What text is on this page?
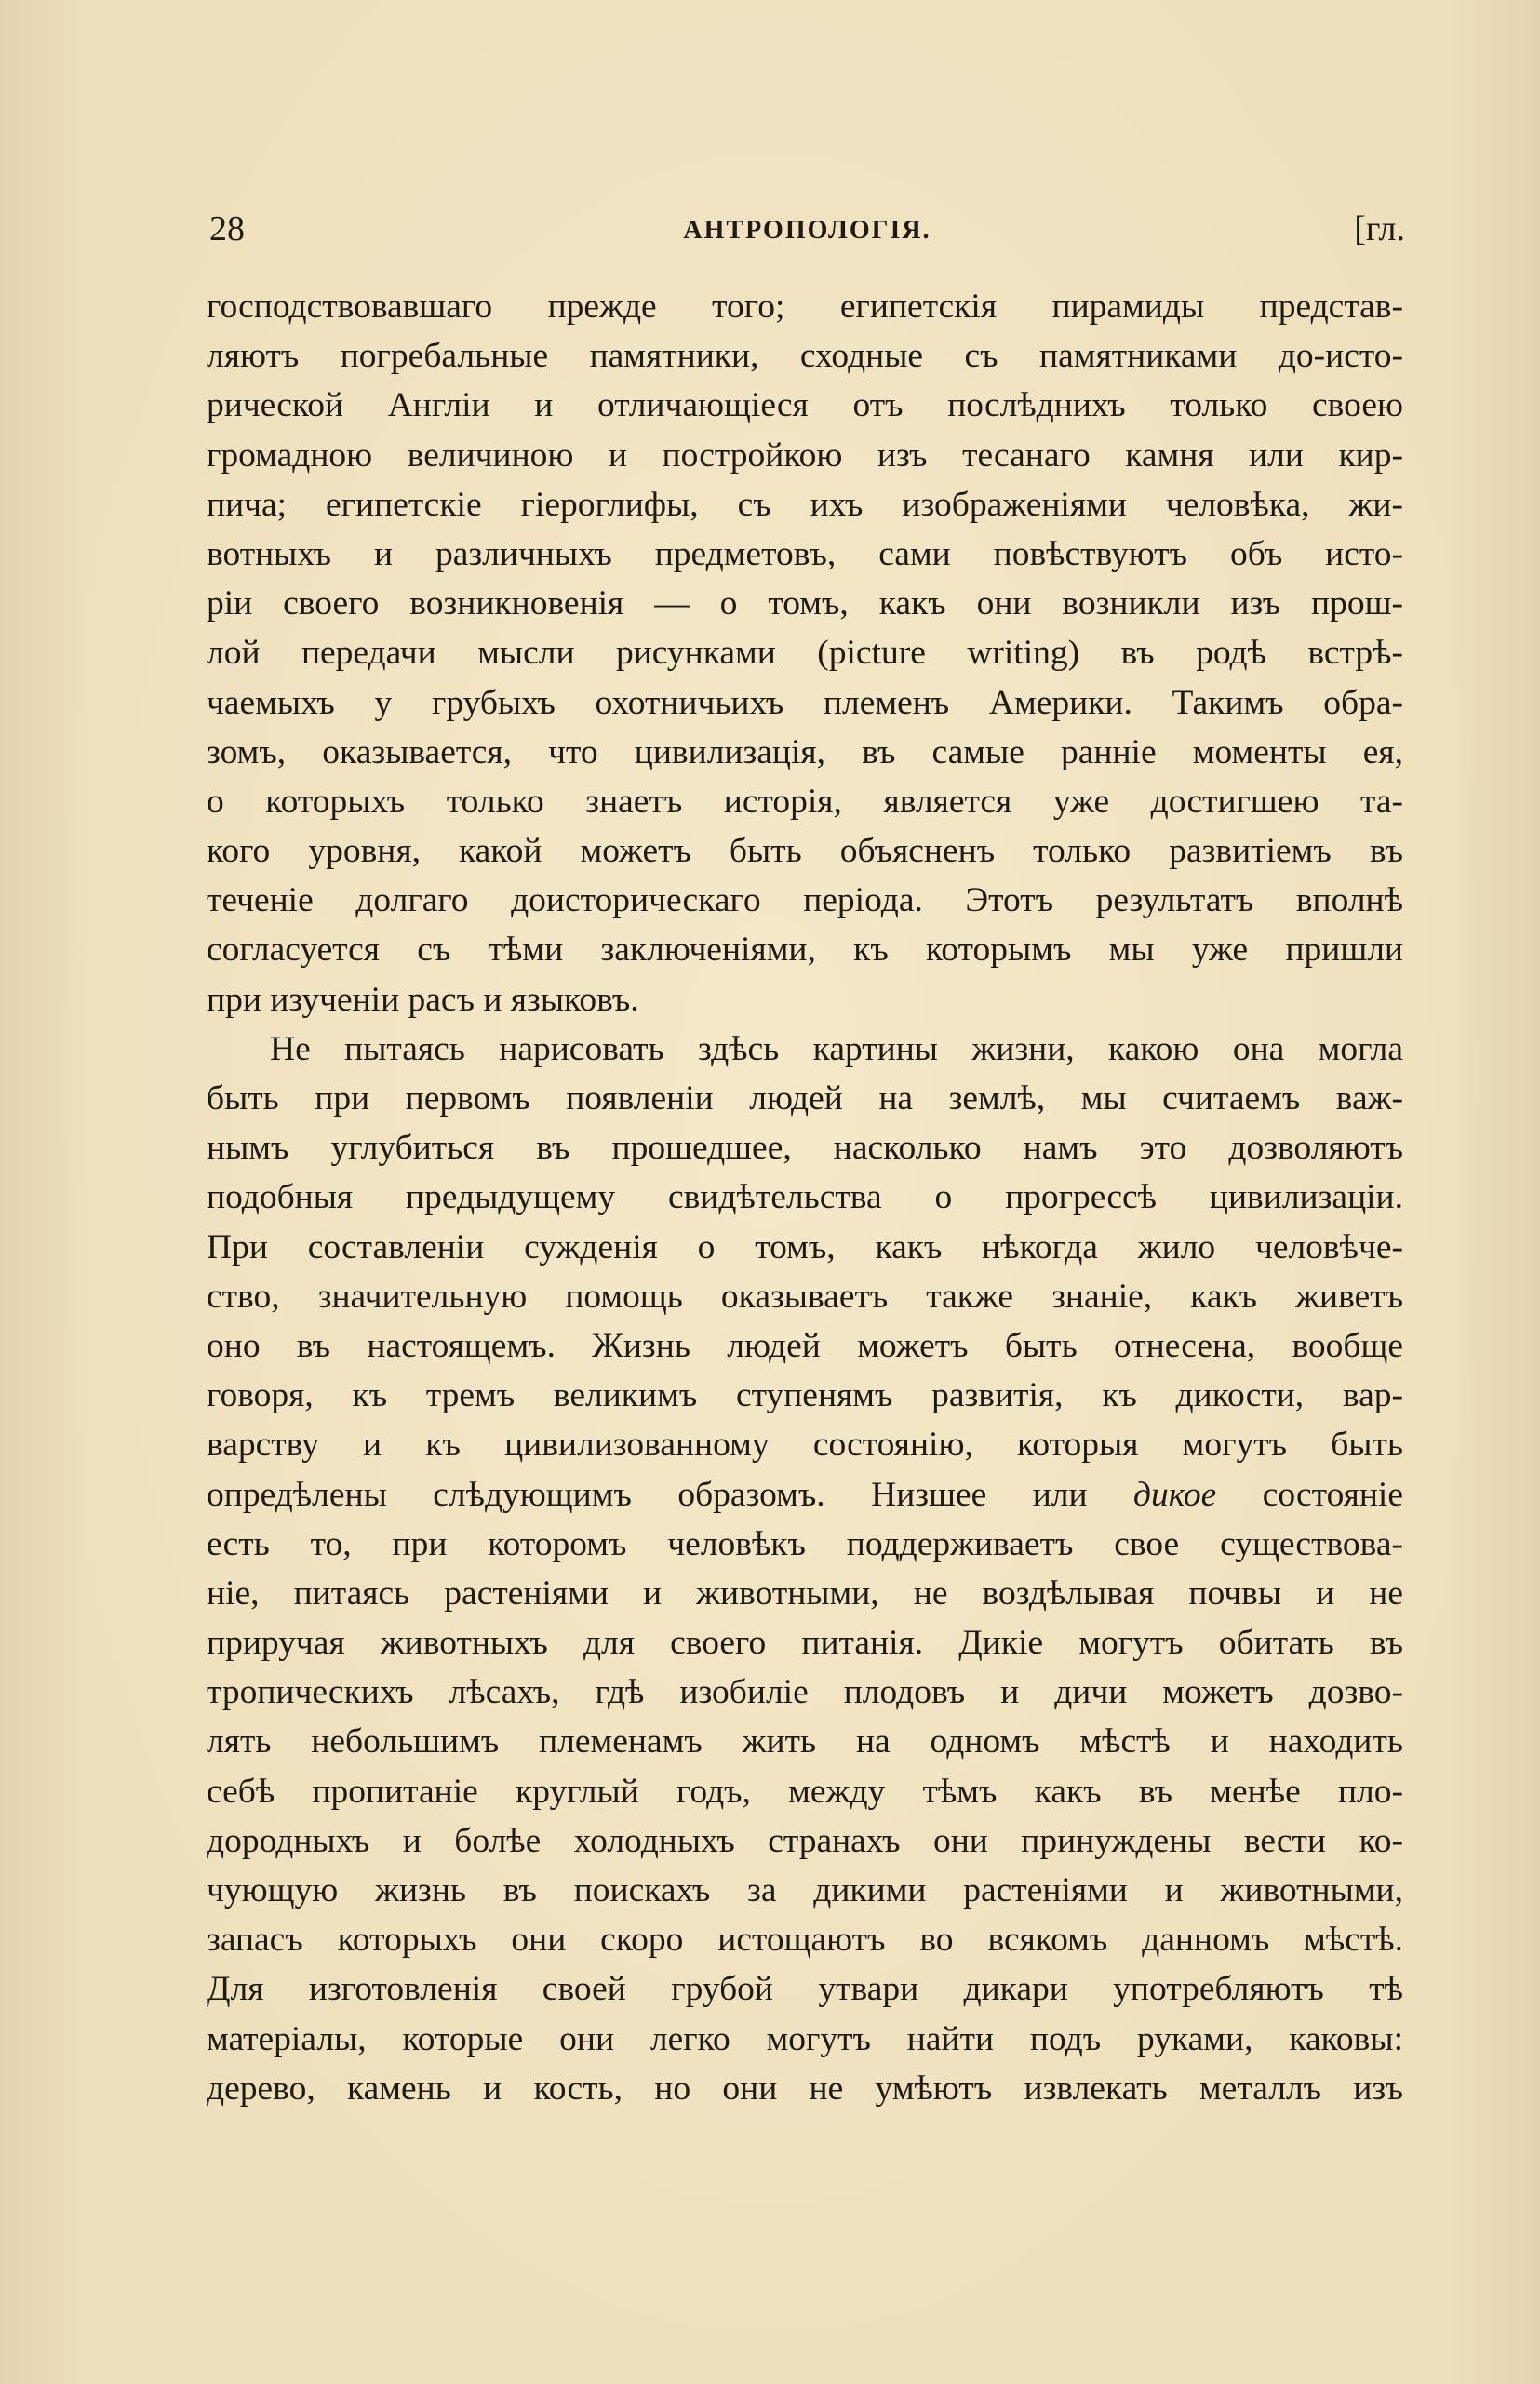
28	АНТРОПОЛОГІЯ.	[гл.
господствовавшаго прежде того; египетскія пирамиды представ-
ляютъ погребальные памятники, сходные съ памятниками до-исто-
рической Англіи и отличающіеся отъ послѣднихъ только своею
громадною величиною и постройкою изъ тесанаго камня или кир-
пича; египетскіе гіероглифы, съ ихъ изображеніями человѣка, жи-
вотныхъ и различныхъ предметовъ, сами повѣствуютъ объ исто-
ріи своего возникновенія — о томъ, какъ они возникли изъ прош-
лой передачи мысли рисунками (picture writing) въ родѣ встрѣ-
чаемыхъ у грубыхъ охотничьихъ племенъ Америки. Такимъ обра-
зомъ, оказывается, что цивилизація, въ самые ранніе моменты ея,
о которыхъ только знаетъ исторія, является уже достигшею та-
кого уровня, какой можетъ быть объясненъ только развитіемъ въ
теченіе долгаго доисторическаго періода. Этотъ результатъ вполнѣ
согласуется съ тѣми заключеніями, къ которымъ мы уже пришли
при изученіи расъ и языковъ.
Не пытаясь нарисовать здѣсь картины жизни, какою она могла
быть при первомъ появленіи людей на землѣ, мы считаемъ важ-
нымъ углубиться въ прошедшее, насколько намъ это дозволяютъ
подобныя предыдущему свидѣтельства о прогрессѣ цивилизаціи.
При составленіи сужденія о томъ, какъ нѣкогда жило человѣче-
ство, значительную помощь оказываетъ также знаніе, какъ живетъ
оно въ настоящемъ. Жизнь людей можетъ быть отнесена, вообще
говоря, къ тремъ великимъ ступенямъ развитія, къ дикости, вар-
варству и къ цивилизованному состоянію, которыя могутъ быть
опредѣлены слѣдующимъ образомъ. Низшее или дикое состояніе
есть то, при которомъ человѣкъ поддерживаетъ свое существова-
ніе, питаясь растеніями и животными, не воздѣлывая почвы и не
приручая животныхъ для своего питанія. Дикіе могутъ обитать въ
тропическихъ лѣсахъ, гдѣ изобиліе плодовъ и дичи можетъ дозво-
лять небольшимъ племенамъ жить на одномъ мѣстѣ и находить
себѣ пропитаніе круглый годъ, между тѣмъ какъ въ менѣе пло-
дородныхъ и болѣе холодныхъ странахъ они принуждены вести ко-
чующую жизнь въ поискахъ за дикими растеніями и животными,
запасъ которыхъ они скоро истощаютъ во всякомъ данномъ мѣстѣ.
Для изготовленія своей грубой утвари дикари употребляютъ тѣ
матеріалы, которые они легко могутъ найти подъ руками, каковы:
дерево, камень и кость, но они не умѣютъ извлекать металлъ изъ
